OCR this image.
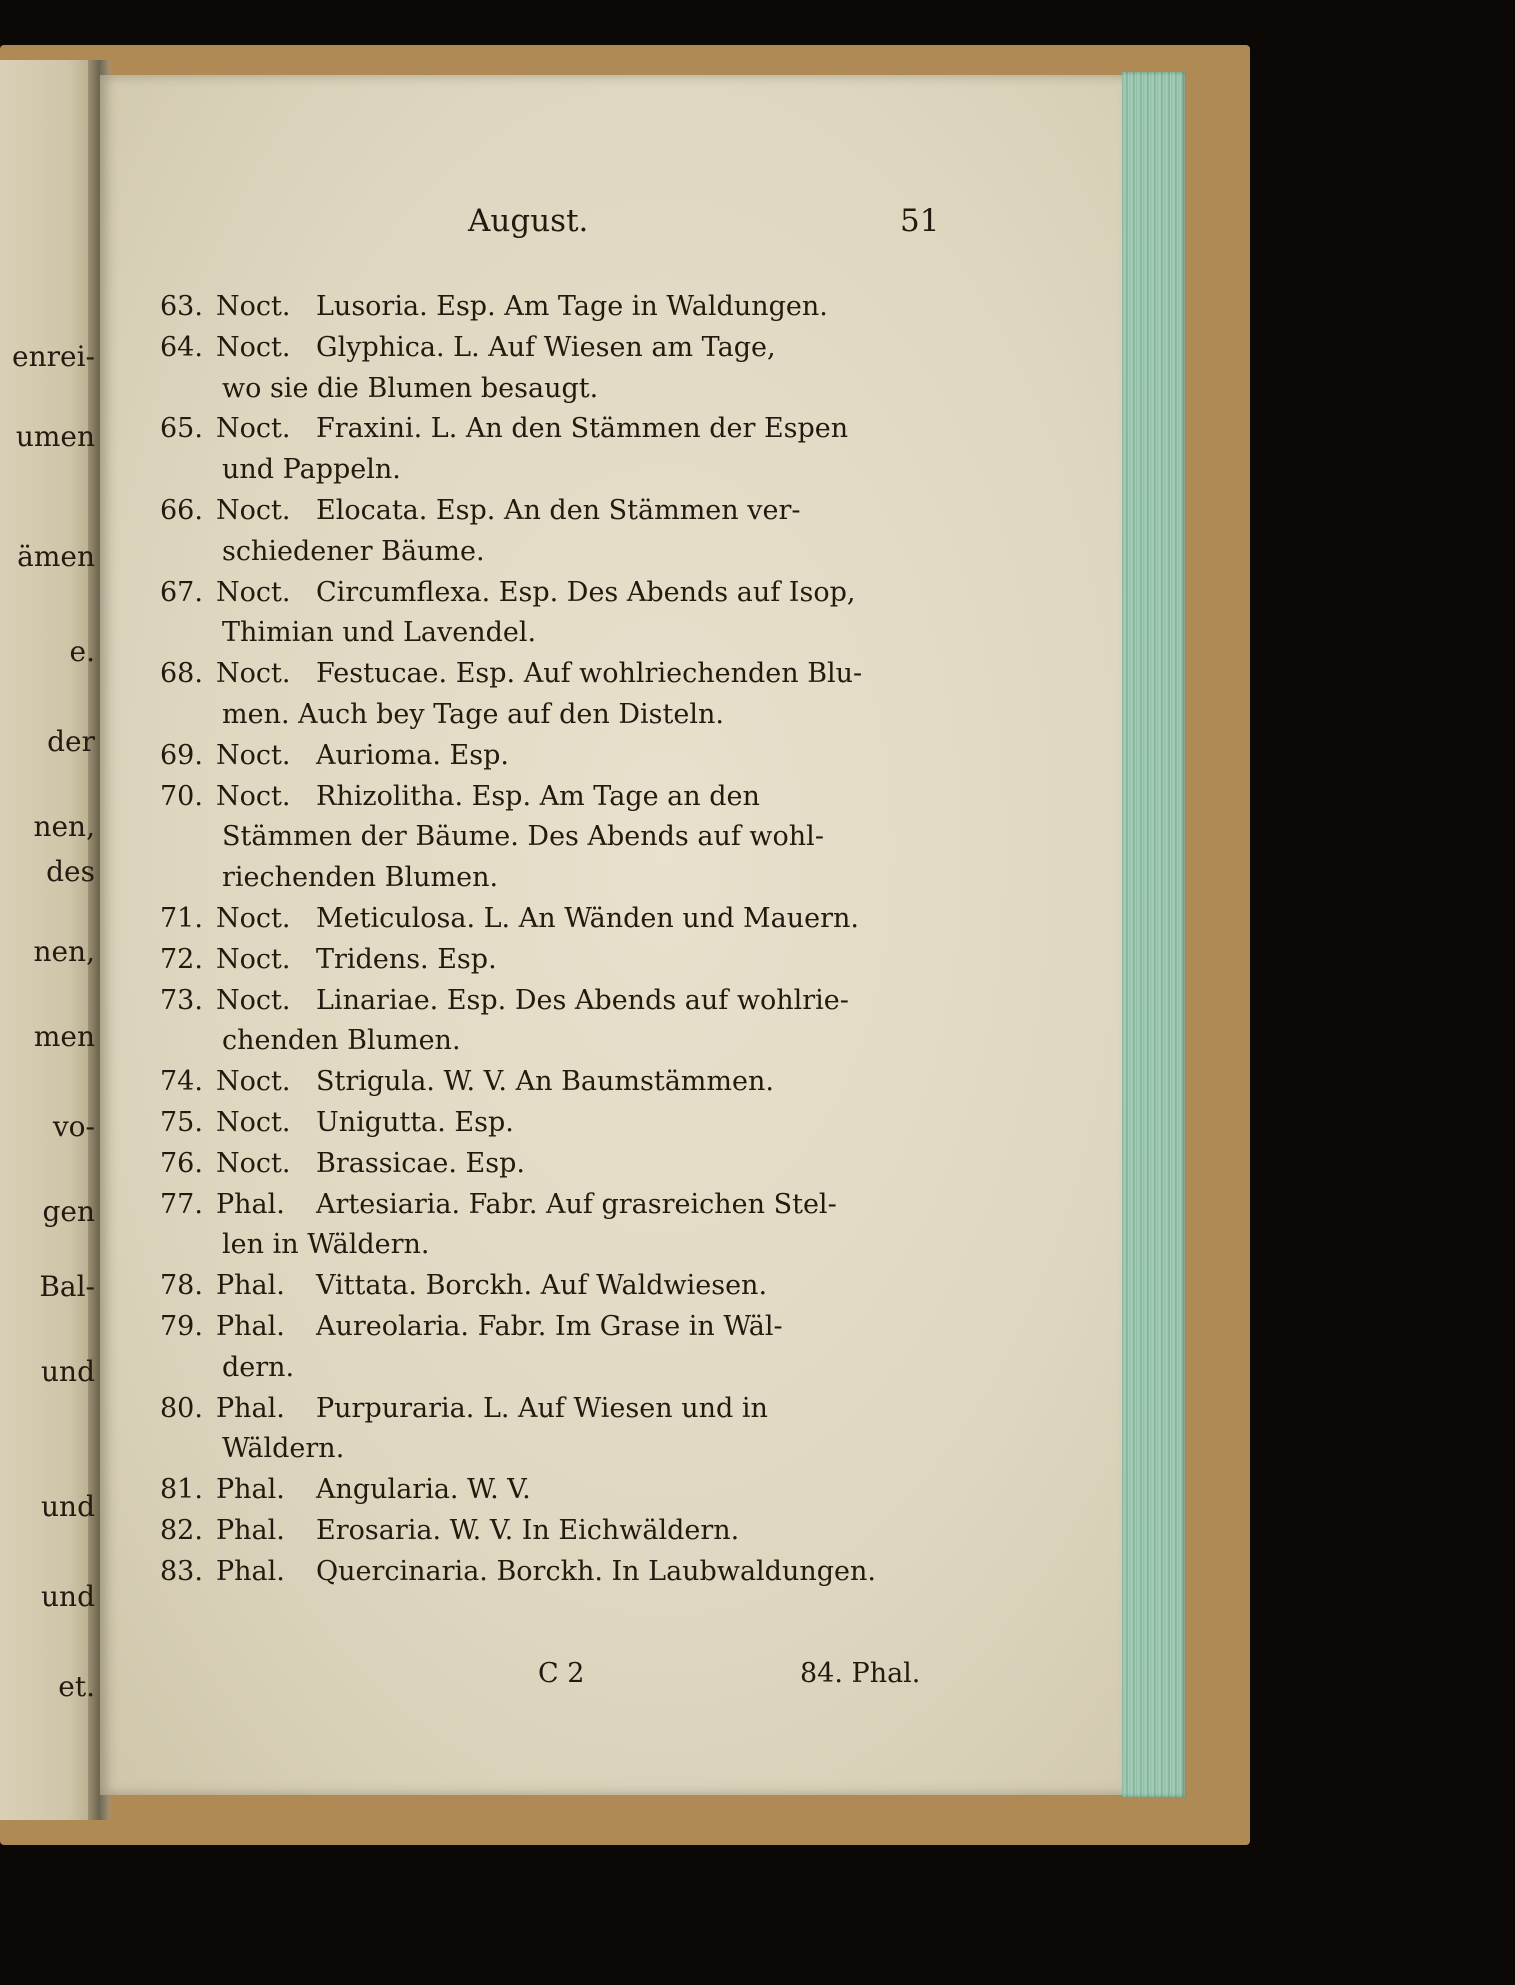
enrei-
umen
ämen
e.
der
nen,
des
nen,
men
vo-
gen
Bal-
und
und
und
et.
August.	51
63. Noct. Lusoria. Esp. Am Tage in Waldungen.
64. Noct. Glyphica. L. Auf Wiesen am Tage,
wo sie die Blumen besaugt.
65. Noct. Fraxini. L. An den Stämmen der Espen
und Pappeln.
66. Noct. Elocata. Esp. An den Stämmen ver-
schiedener Bäume.
67. Noct. Circumflexa. Esp. Des Abends auf Isop,
Thimian und Lavendel.
68. Noct. Festucae. Esp. Auf wohlriechenden Blu-
men. Auch bey Tage auf den Disteln.
69. Noct. Aurioma. Esp.
70. Noct. Rhizolitha. Esp. Am Tage an den
Stämmen der Bäume. Des Abends auf wohl-
riechenden Blumen.
71. Noct. Meticulosa. L. An Wänden und Mauern.
72. Noct. Tridens. Esp.
73. Noct. Linariae. Esp. Des Abends auf wohlrie-
chenden Blumen.
74. Noct. Strigula. W. V. An Baumstämmen.
75. Noct. Unigutta. Esp.
76. Noct. Brassicae. Esp.
77. Phal. Artesiaria. Fabr. Auf grasreichen Stel-
len in Wäldern.
78. Phal. Vittata. Borckh. Auf Waldwiesen.
79. Phal. Aureolaria. Fabr. Im Grase in Wäl-
dern.
80. Phal. Purpuraria. L. Auf Wiesen und in
Wäldern.
81. Phal. Angularia. W. V.
82. Phal. Erosaria. W. V. In Eichwäldern.
83. Phal. Quercinaria. Borckh. In Laubwaldungen.
C 2	84. Phal.
